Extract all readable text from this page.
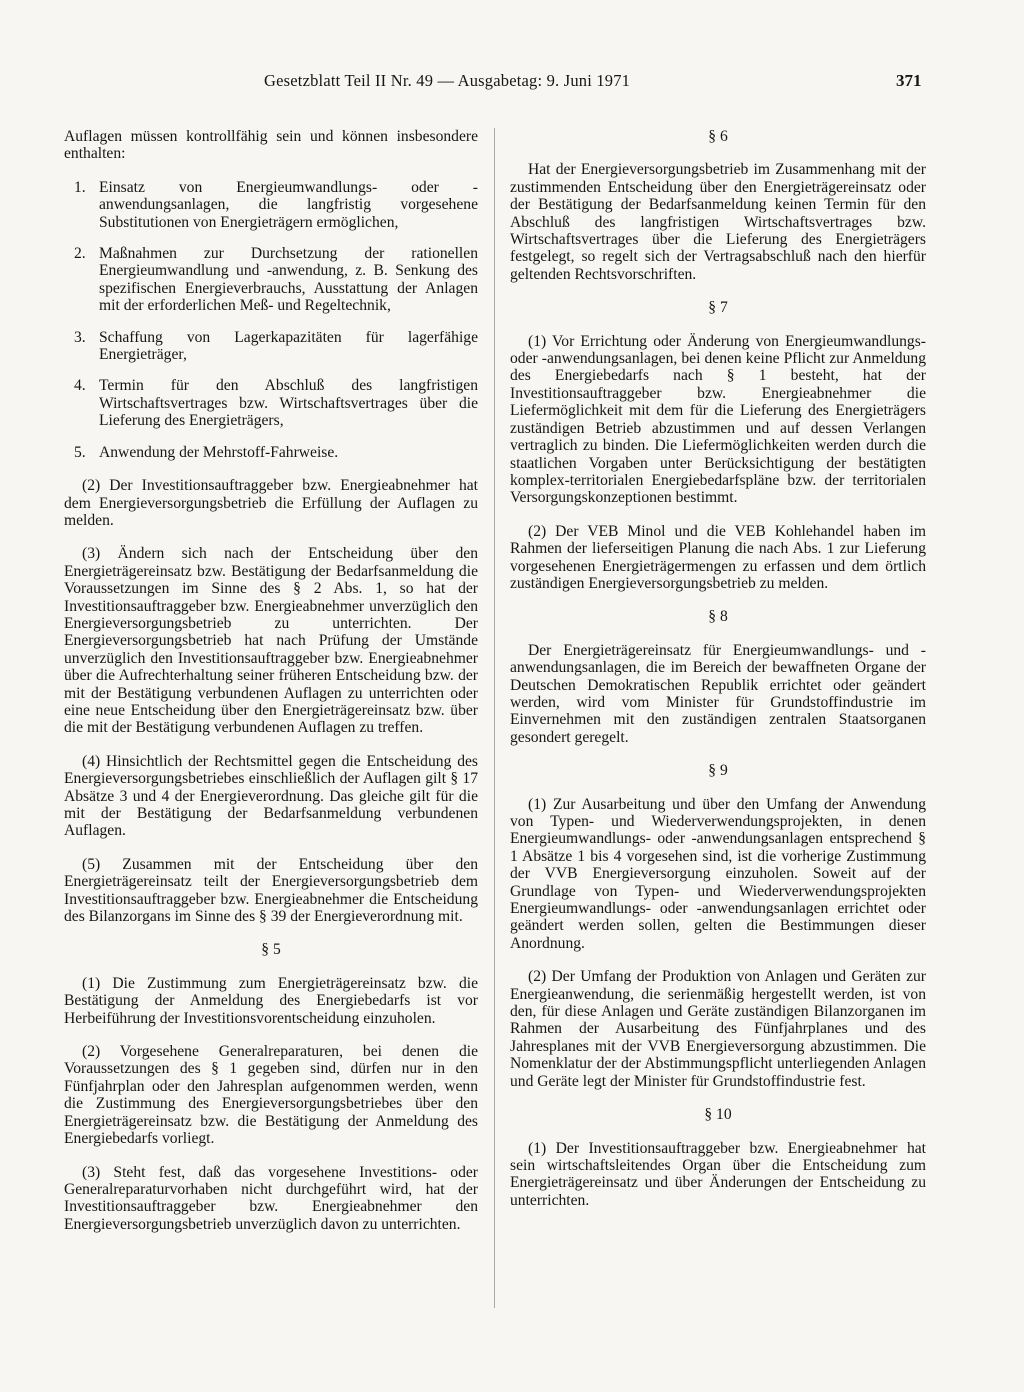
Gesetzblatt Teil II Nr. 49 — Ausgabetag: 9. Juni 1971	371

Auflagen müssen kontrollfähig sein und können insbesondere enthalten:

1. Einsatz von Energieumwandlungs- oder -anwendungsanlagen, die langfristig vorgesehene Substitutionen von Energieträgern ermöglichen,
2. Maßnahmen zur Durchsetzung der rationellen Energieumwandlung und -anwendung, z. B. Senkung des spezifischen Energieverbrauchs, Ausstattung der Anlagen mit der erforderlichen Meß- und Regeltechnik,
3. Schaffung von Lagerkapazitäten für lagerfähige Energieträger,
4. Termin für den Abschluß des langfristigen Wirtschaftsvertrages bzw. Wirtschaftsvertrages über die Lieferung des Energieträgers,
5. Anwendung der Mehrstoff-Fahrweise.

(2) Der Investitionsauftraggeber bzw. Energieabnehmer hat dem Energieversorgungsbetrieb die Erfüllung der Auflagen zu melden.

(3) Ändern sich nach der Entscheidung über den Energieträgereinsatz bzw. Bestätigung der Bedarfsanmeldung die Voraussetzungen im Sinne des § 2 Abs. 1, so hat der Investitionsauftraggeber bzw. Energieabnehmer unverzüglich den Energieversorgungsbetrieb zu unterrichten. Der Energieversorgungsbetrieb hat nach Prüfung der Umstände unverzüglich den Investitionsauftraggeber bzw. Energieabnehmer über die Aufrechterhaltung seiner früheren Entscheidung bzw. der mit der Bestätigung verbundenen Auflagen zu unterrichten oder eine neue Entscheidung über den Energieträgereinsatz bzw. über die mit der Bestätigung verbundenen Auflagen zu treffen.

(4) Hinsichtlich der Rechtsmittel gegen die Entscheidung des Energieversorgungsbetriebes einschließlich der Auflagen gilt § 17 Absätze 3 und 4 der Energieverordnung. Das gleiche gilt für die mit der Bestätigung der Bedarfsanmeldung verbundenen Auflagen.

(5) Zusammen mit der Entscheidung über den Energieträgereinsatz teilt der Energieversorgungsbetrieb dem Investitionsauftraggeber bzw. Energieabnehmer die Entscheidung des Bilanzorgans im Sinne des § 39 der Energieverordnung mit.

§ 5

(1) Die Zustimmung zum Energieträgereinsatz bzw. die Bestätigung der Anmeldung des Energiebedarfs ist vor Herbeiführung der Investitionsvorentscheidung einzuholen.

(2) Vorgesehene Generalreparaturen, bei denen die Voraussetzungen des § 1 gegeben sind, dürfen nur in den Fünfjahrplan oder den Jahresplan aufgenommen werden, wenn die Zustimmung des Energieversorgungsbetriebes über den Energieträgereinsatz bzw. die Bestätigung der Anmeldung des Energiebedarfs vorliegt.

(3) Steht fest, daß das vorgesehene Investitions- oder Generalreparaturvorhaben nicht durchgeführt wird, hat der Investitionsauftraggeber bzw. Energieabnehmer den Energieversorgungsbetrieb unverzüglich davon zu unterrichten.

§ 6

Hat der Energieversorgungsbetrieb im Zusammenhang mit der zustimmenden Entscheidung über den Energieträgereinsatz oder der Bestätigung der Bedarfsanmeldung keinen Termin für den Abschluß des langfristigen Wirtschaftsvertrages bzw. Wirtschaftsvertrages über die Lieferung des Energieträgers festgelegt, so regelt sich der Vertragsabschluß nach den hierfür geltenden Rechtsvorschriften.

§ 7

(1) Vor Errichtung oder Änderung von Energieumwandlungs- oder -anwendungsanlagen, bei denen keine Pflicht zur Anmeldung des Energiebedarfs nach § 1 besteht, hat der Investitionsauftraggeber bzw. Energieabnehmer die Liefermöglichkeit mit dem für die Lieferung des Energieträgers zuständigen Betrieb abzustimmen und auf dessen Verlangen vertraglich zu binden. Die Liefermöglichkeiten werden durch die staatlichen Vorgaben unter Berücksichtigung der bestätigten komplex-territorialen Energiebedarfspläne bzw. der territorialen Versorgungskonzeptionen bestimmt.

(2) Der VEB Minol und die VEB Kohlehandel haben im Rahmen der lieferseitigen Planung die nach Abs. 1 zur Lieferung vorgesehenen Energieträgermengen zu erfassen und dem örtlich zuständigen Energieversorgungsbetrieb zu melden.

§ 8

Der Energieträgereinsatz für Energieumwandlungs- und -anwendungsanlagen, die im Bereich der bewaffneten Organe der Deutschen Demokratischen Republik errichtet oder geändert werden, wird vom Minister für Grundstoffindustrie im Einvernehmen mit den zuständigen zentralen Staatsorganen gesondert geregelt.

§ 9

(1) Zur Ausarbeitung und über den Umfang der Anwendung von Typen- und Wiederverwendungsprojekten, in denen Energieumwandlungs- oder -anwendungsanlagen entsprechend § 1 Absätze 1 bis 4 vorgesehen sind, ist die vorherige Zustimmung der VVB Energieversorgung einzuholen. Soweit auf der Grundlage von Typen- und Wiederverwendungsprojekten Energieumwandlungs- oder -anwendungsanlagen errichtet oder geändert werden sollen, gelten die Bestimmungen dieser Anordnung.

(2) Der Umfang der Produktion von Anlagen und Geräten zur Energieanwendung, die serienmäßig hergestellt werden, ist von den, für diese Anlagen und Geräte zuständigen Bilanzorganen im Rahmen der Ausarbeitung des Fünfjahrplanes und des Jahresplanes mit der VVB Energieversorgung abzustimmen. Die Nomenklatur der der Abstimmungspflicht unterliegenden Anlagen und Geräte legt der Minister für Grundstoffindustrie fest.

§ 10

(1) Der Investitionsauftraggeber bzw. Energieabnehmer hat sein wirtschaftsleitendes Organ über die Entscheidung zum Energieträgereinsatz und über Änderungen der Entscheidung zu unterrichten.
